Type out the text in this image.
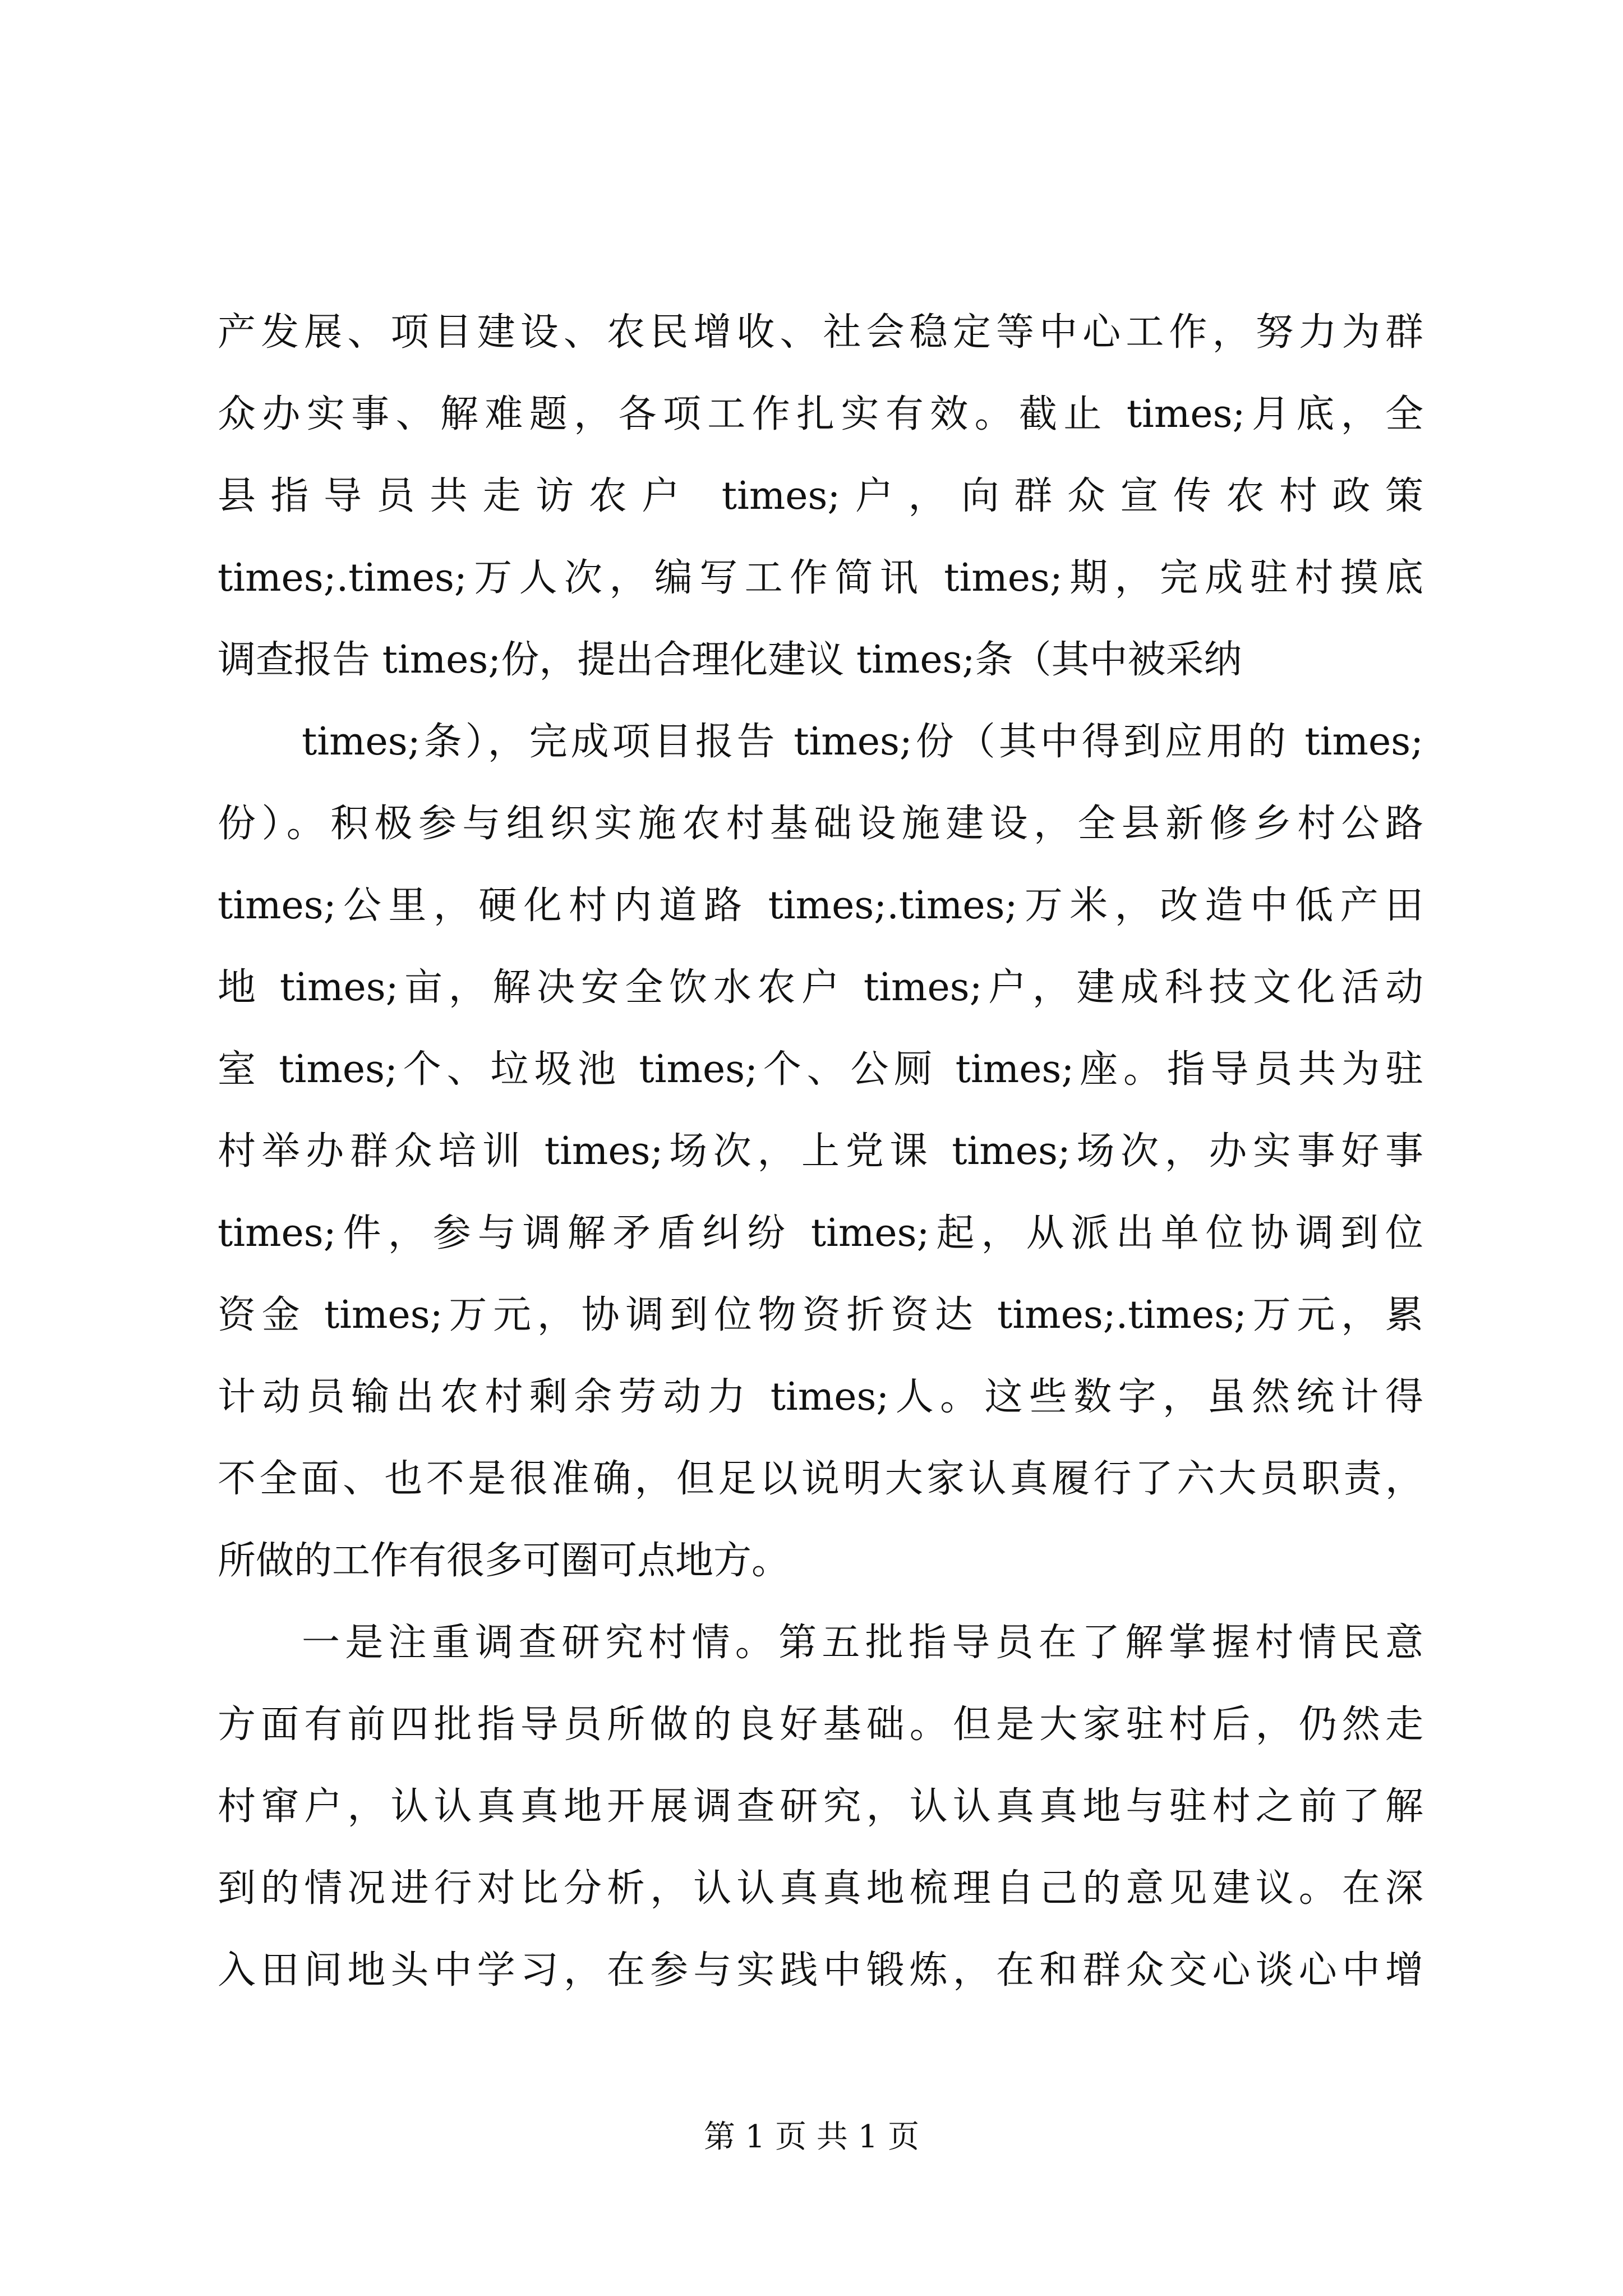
产发展、项目建设、农民增收、社会稳定等中心工作，努力为群
众办实事、解难题，各项工作扎实有效。截止 times;月底，全
县指导员共走访农户 times;户，向群众宣传农村政策
times;.times;万人次，编写工作简讯 times;期，完成驻村摸底
调查报告 times;份，提出合理化建议 times;条（其中被采纳
times;条），完成项目报告 times;份（其中得到应用的 times;
份）。积极参与组织实施农村基础设施建设，全县新修乡村公路
times;公里，硬化村内道路 times;.times;万米，改造中低产田
地 times;亩，解决安全饮水农户 times;户，建成科技文化活动
室 times;个、垃圾池 times;个、公厕 times;座。指导员共为驻
村举办群众培训 times;场次，上党课 times;场次，办实事好事
times;件，参与调解矛盾纠纷 times;起，从派出单位协调到位
资金 times;万元，协调到位物资折资达 times;.times;万元，累
计动员输出农村剩余劳动力 times;人。这些数字，虽然统计得
不全面、也不是很准确，但足以说明大家认真履行了六大员职责，
所做的工作有很多可圈可点地方。
一是注重调查研究村情。第五批指导员在了解掌握村情民意
方面有前四批指导员所做的良好基础。但是大家驻村后，仍然走
村窜户，认认真真地开展调查研究，认认真真地与驻村之前了解
到的情况进行对比分析，认认真真地梳理自己的意见建议。在深
入田间地头中学习，在参与实践中锻炼，在和群众交心谈心中增
第 1 页 共 1 页
